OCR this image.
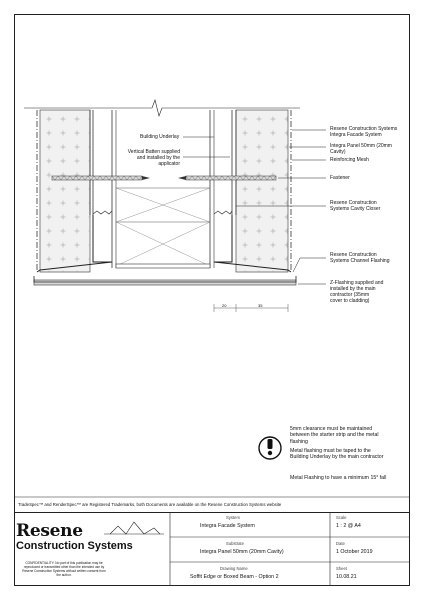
Building Underlay
Vertical Batten supplied
and installed by the
applicator
Resene Construction Systems
Integra Facade System
Integra Panel 50mm (20mm
Cavity)
Reinforcing Mesh
Fastener
Resene Construction
Systems Cavity Closer
Resene Construction
Systems Channel Flashing
Z-Flashing supplied and
installed by the main
contractor (35mm
cover to cladding)
20	35
5mm clearance must be maintained between the starter strip and the metal flashing
Metal flashing must be taped to the Building Underlay by the main contractor
Metal Flashing to have a minimum 15° fall
TradeSpec™ and RenderSpec™ are Registered Trademarks, both Documents are available on the Resene Construction Systems website
Resene
Construction Systems
CONFIDENTIALITY: No part of this publication may be reproduced or transmitted other than the intended use by Resene Construction Systems without written consent from the author.
System
Integra Facade System
Substrate
Integra Panel 50mm (20mm Cavity)
Drawing Name
Soffit Edge or Boxed Beam - Option 2
Scale
1 : 2 @ A4
Date
1 October 2019
Sheet
10.08.21
